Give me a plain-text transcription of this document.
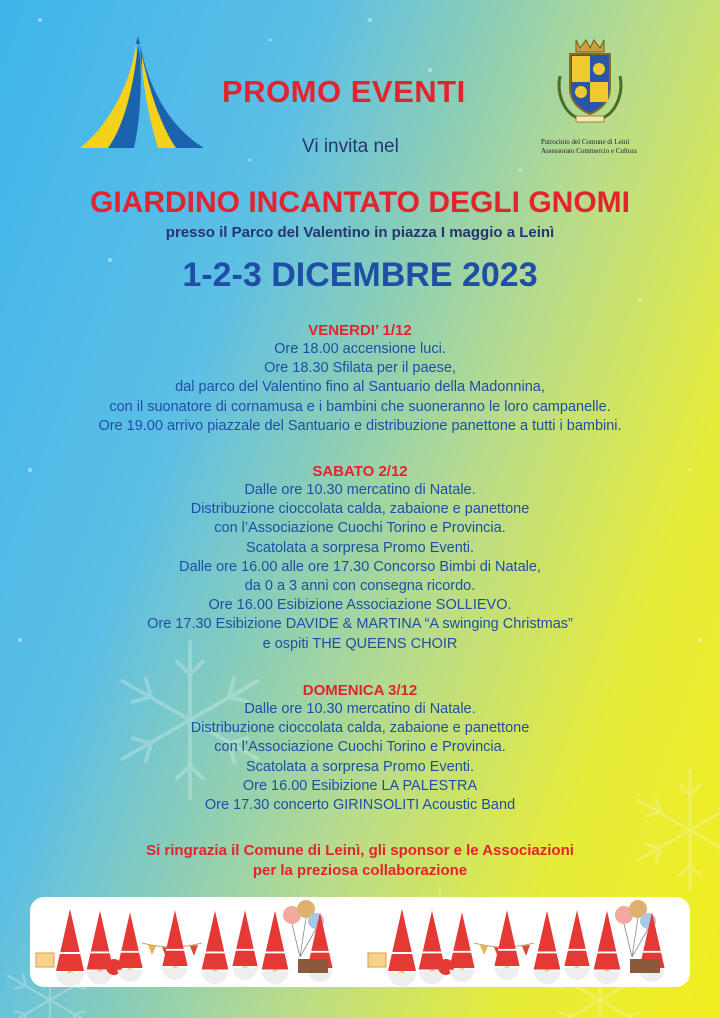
PROMO EVENTI
Vi invita nel	Patrocinio del Comune di Leinì
Assessorato Commercio e Cultura
GIARDINO INCANTATO DEGLI GNOMI
presso il Parco del Valentino in piazza I maggio a Leinì
1-2-3 DICEMBRE 2023
VENERDI’ 1/12
Ore 18.00 accensione luci.
Ore 18.30 Sfilata per il paese,
dal parco del Valentino fino al Santuario della Madonnina,
con il suonatore di cornamusa e i bambini che suoneranno le loro campanelle.
Ore 19.00 arrivo piazzale del Santuario e distribuzione panettone a tutti i bambini.
SABATO 2/12
Dalle ore 10.30 mercatino di Natale.
Distribuzione cioccolata calda, zabaione e panettone
con l’Associazione Cuochi Torino e Provincia.
Scatolata a sorpresa Promo Eventi.
Dalle ore 16.00 alle ore 17.30 Concorso Bimbi di Natale,
da 0 a 3 anni con consegna ricordo.
Ore 16.00 Esibizione Associazione SOLLIEVO.
Ore 17.30 Esibizione DAVIDE & MARTINA “A swinging Christmas”
e ospiti THE QUEENS CHOIR
DOMENICA 3/12
Dalle ore 10.30 mercatino di Natale.
Distribuzione cioccolata calda, zabaione e panettone
con l’Associazione Cuochi Torino e Provincia.
Scatolata a sorpresa Promo Eventi.
Ore 16.00 Esibizione LA PALESTRA
Ore 17.30 concerto GIRINSOLITI Acoustic Band
Si ringrazia il Comune di Leinì, gli sponsor e le Associazioni
per la preziosa collaborazione
